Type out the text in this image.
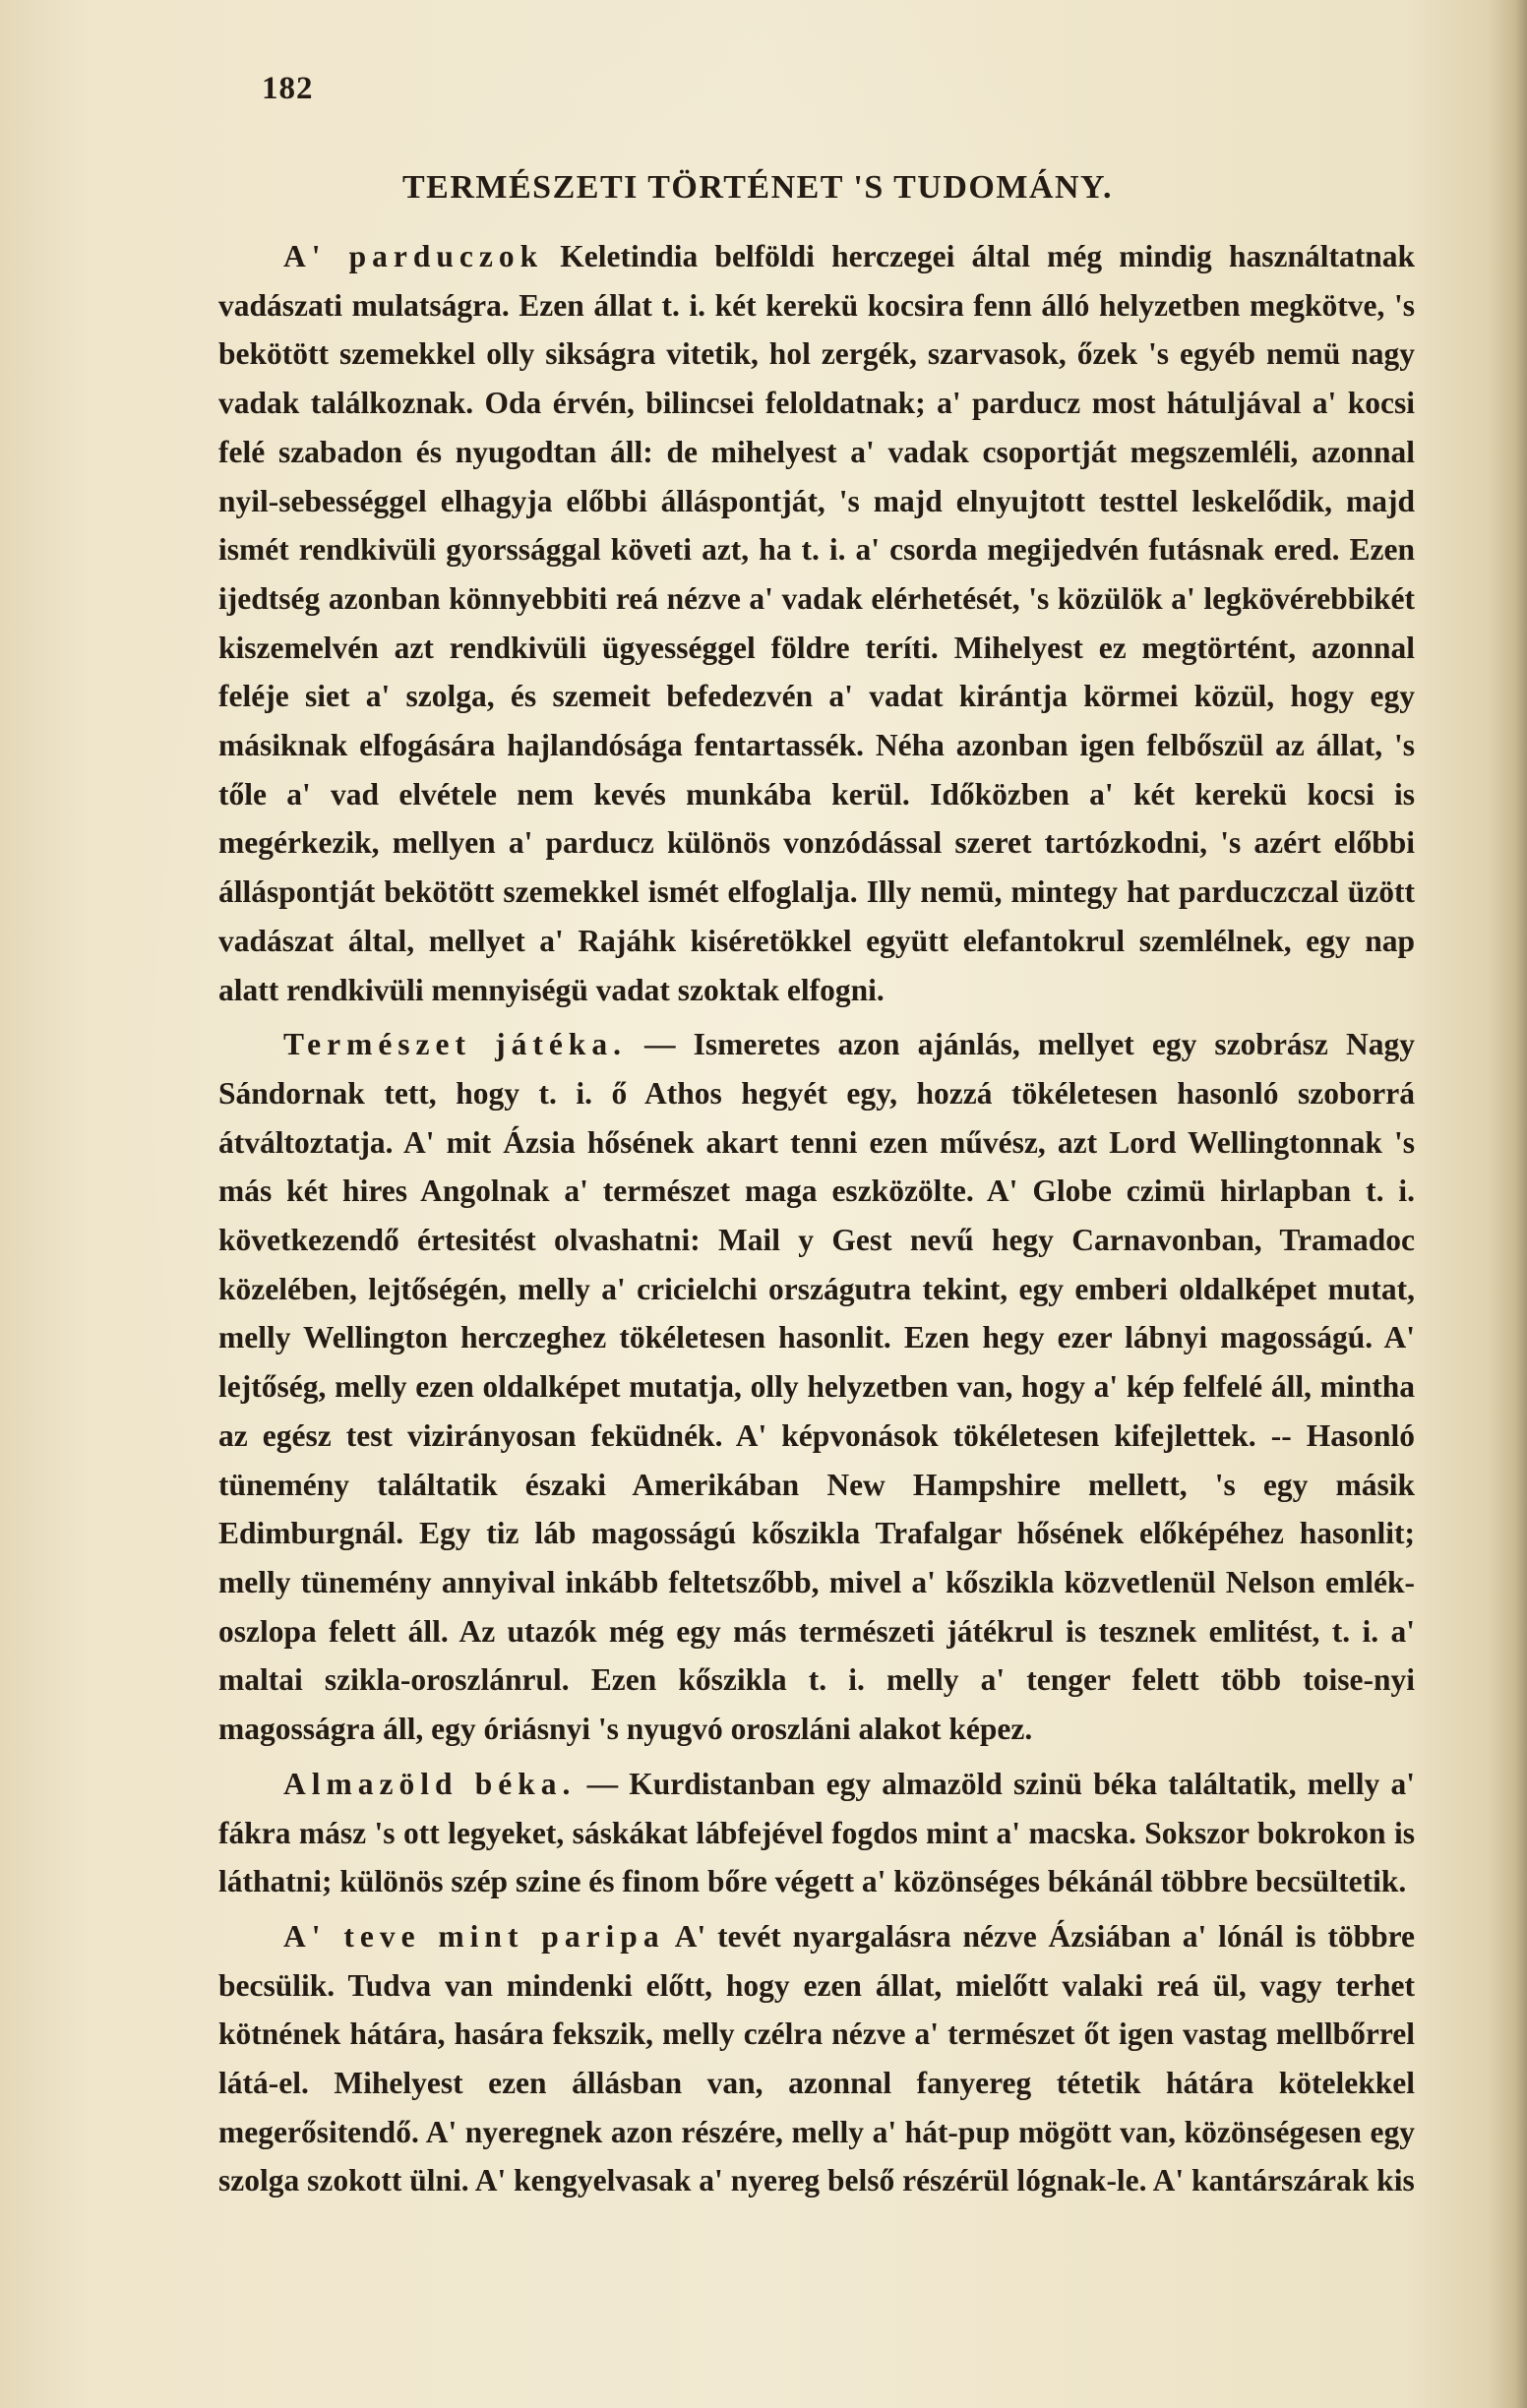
182
TERMÉSZETI TÖRTÉNET 'S TUDOMÁNY.

A' parduczok Keletindia belföldi herczegei által még mindig használtatnak vadászati mulatságra. Ezen állat t. i. két kerekü kocsira fenn álló helyzetben megkötve, 's bekötött szemekkel olly sikságra vitetik, hol zergék, szarvasok, őzek 's egyéb nemü nagy vadak találkoznak. Oda érvén, bilincsei feloldatnak; a' parducz most hátuljával a' kocsi felé szabadon és nyugodtan áll: de mihelyest a' vadak csoportját megszemléli, azonnal nyil-sebességgel elhagyja előbbi álláspontját, 's majd elnyujtott testtel leskelődik, majd ismét rendkivüli gyorssággal követi azt, ha t. i. a' csorda megijedvén futásnak ered. Ezen ijedtség azonban könnyebbiti reá nézve a' vadak elérhetését, 's közülök a' legkövérebbikét kiszemelvén azt rendkivüli ügyességgel földre teríti. Mihelyest ez megtörtént, azonnal feléje siet a' szolga, és szemeit befedezvén a' vadat kirántja körmei közül, hogy egy másiknak elfogására hajlandósága fentartassék. Néha azonban igen felbőszül az állat, 's tőle a' vad elvétele nem kevés munkába kerül. Időközben a' két kerekü kocsi is megérkezik, mellyen a' parducz különös vonzódással szeret tartózkodni, 's azért előbbi álláspontját bekötött szemekkel ismét elfoglalja. Illy nemü, mintegy hat parduczczal üzött vadászat által, mellyet a' Rajáhk kiséretökkel együtt elefantokrul szemlélnek, egy nap alatt rendkivüli mennyiségü vadat szoktak elfogni.

Természet játéka. — Ismeretes azon ajánlás, mellyet egy szobrász Nagy Sándornak tett, hogy t. i. ő Athos hegyét egy, hozzá tökéletesen hasonló szoborrá átváltoztatja. A' mit Ázsia hősének akart tenni ezen művész, azt Lord Wellingtonnak 's más két hires Angolnak a' természet maga eszközölte. A' Globe czimü hirlapban t. i. következendő értesitést olvashatni: Mail y Gest nevű hegy Carnavonban, Tramadoc közelében, lejtőségén, melly a' cricielchi országutra tekint, egy emberi oldalképet mutat, melly Wellington herczeghez tökéletesen hasonlit. Ezen hegy ezer lábnyi magosságú. A' lejtőség, melly ezen oldalképet mutatja, olly helyzetben van, hogy a' kép felfelé áll, mintha az egész test vizirányosan feküdnék. A' képvonások tökéletesen kifejlettek. -- Hasonló tünemény találtatik északi Amerikában New Hampshire mellett, 's egy másik Edimburgnál. Egy tiz láb magosságú kőszikla Trafalgar hősének előképéhez hasonlit; melly tünemény annyival inkább feltetszőbb, mivel a' kőszikla közvetlenül Nelson emlék-oszlopa felett áll. Az utazók még egy más természeti játékrul is tesznek emlitést, t. i. a' maltai szikla-oroszlánrul. Ezen kőszikla t. i. melly a' tenger felett több toise-nyi magosságra áll, egy óriásnyi 's nyugvó oroszláni alakot képez.

Almazöld béka. — Kurdistanban egy almazöld szinü béka találtatik, melly a' fákra mász 's ott legyeket, sáskákat lábfejével fogdos mint a' macska. Sokszor bokrokon is láthatni; különös szép szine és finom bőre végett a' közönséges békánál többre becsültetik.

A' teve mint paripa A' tevét nyargalásra nézve Ázsiában a' lónál is többre becsülik. Tudva van mindenki előtt, hogy ezen állat, mielőtt valaki reá ül, vagy terhet kötnének hátára, hasára fekszik, melly czélra nézve a' természet őt igen vastag mellbőrrel látá-el. Mihelyest ezen állásban van, azonnal fanyereg tétetik hátára kötelekkel megerősitendő. A' nyeregnek azon részére, melly a' hát-pup mögött van, közönségesen egy szolga szokott ülni. A' kengyelvasak a' nyereg belső részérül lógnak-le. A' kantárszárak kis
